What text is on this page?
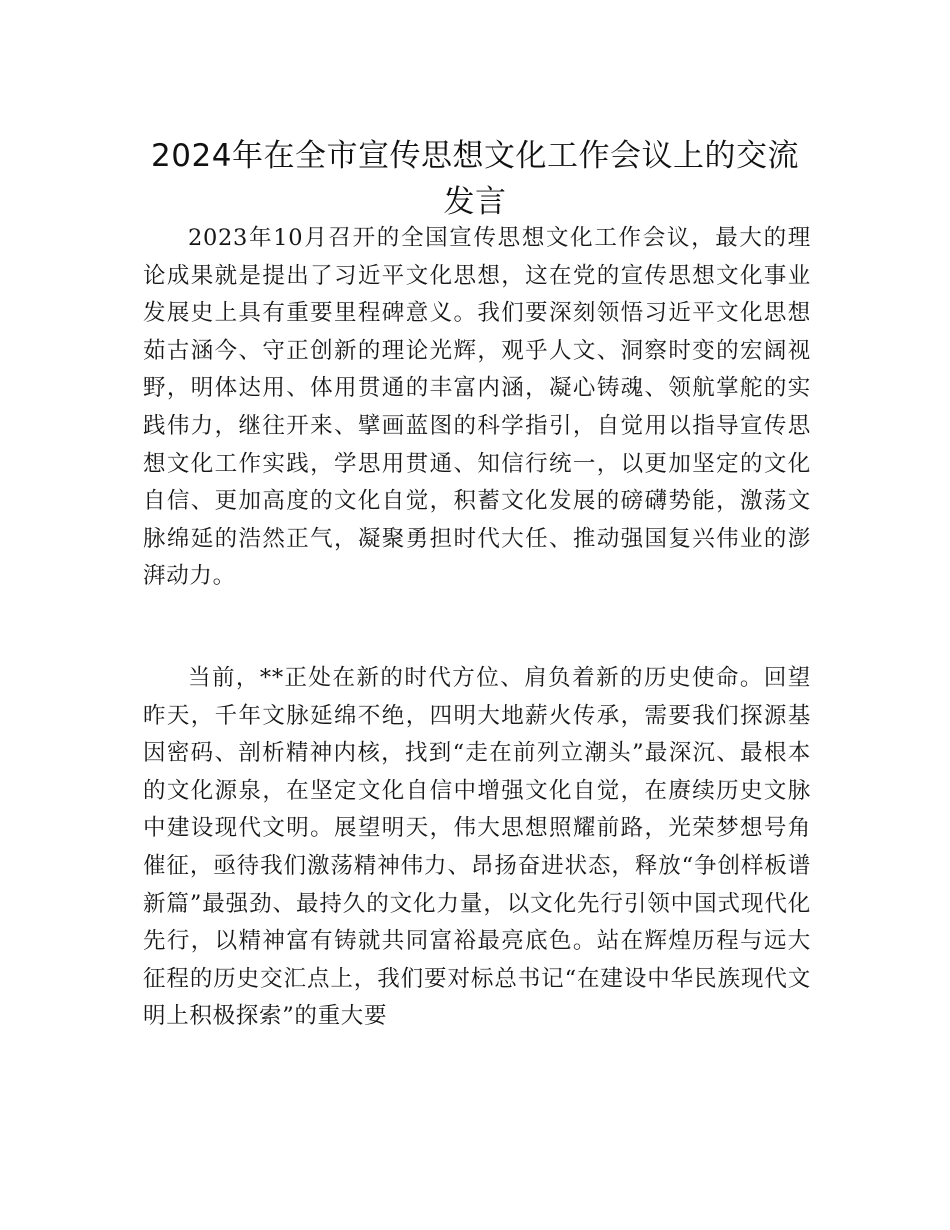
2024年在全市宣传思想文化工作会议上的交流发言

2023年10月召开的全国宣传思想文化工作会议，最大的理论成果就是提出了习近平文化思想，这在党的宣传思想文化事业发展史上具有重要里程碑意义。我们要深刻领悟习近平文化思想茹古涵今、守正创新的理论光辉，观乎人文、洞察时变的宏阔视野，明体达用、体用贯通的丰富内涵，凝心铸魂、领航掌舵的实践伟力，继往开来、擘画蓝图的科学指引，自觉用以指导宣传思想文化工作实践，学思用贯通、知信行统一，以更加坚定的文化自信、更加高度的文化自觉，积蓄文化发展的磅礴势能，激荡文脉绵延的浩然正气，凝聚勇担时代大任、推动强国复兴伟业的澎湃动力。

当前，**正处在新的时代方位、肩负着新的历史使命。回望昨天，千年文脉延绵不绝，四明大地薪火传承，需要我们探源基因密码、剖析精神内核，找到“走在前列立潮头”最深沉、最根本的文化源泉，在坚定文化自信中增强文化自觉，在赓续历史文脉中建设现代文明。展望明天，伟大思想照耀前路，光荣梦想号角催征，亟待我们激荡精神伟力、昂扬奋进状态，释放“争创样板谱新篇”最强劲、最持久的文化力量，以文化先行引领中国式现代化先行，以精神富有铸就共同富裕最亮底色。站在辉煌历程与远大征程的历史交汇点上，我们要对标总书记“在建设中华民族现代文明上积极探索”的重大要
